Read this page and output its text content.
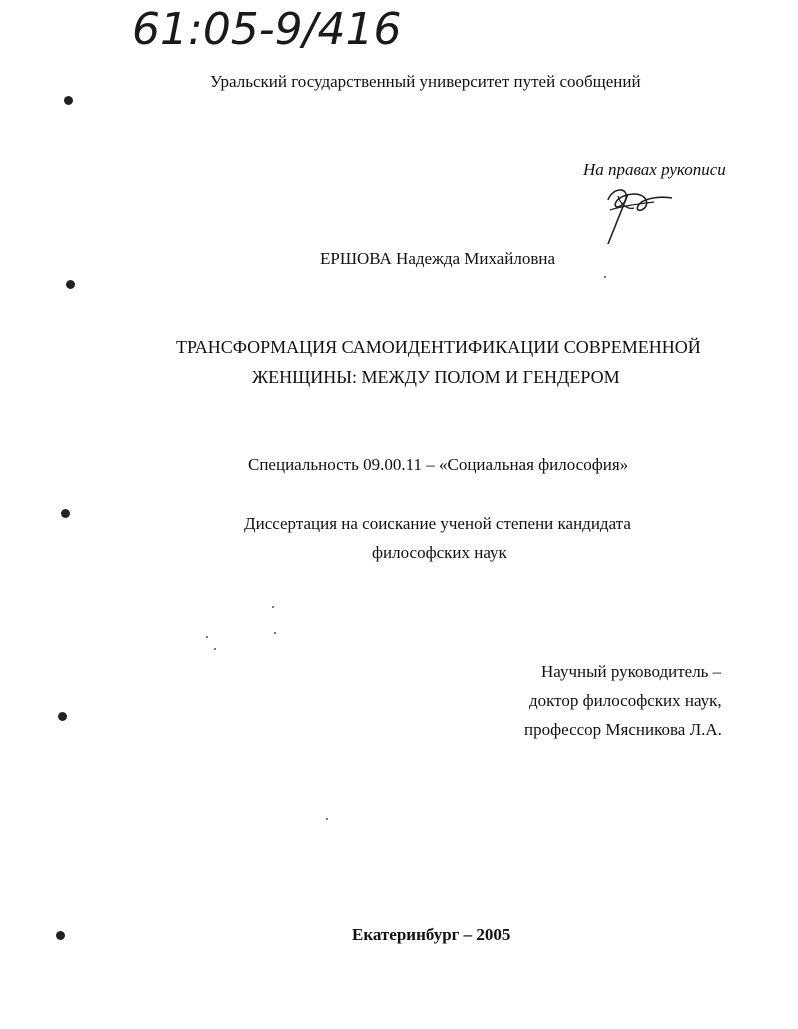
61:05-9/416
Уральский государственный университет путей сообщений
На правах рукописи
ЕРШОВА Надежда Михайловна
ТРАНСФОРМАЦИЯ САМОИДЕНТИФИКАЦИИ СОВРЕМЕННОЙ
ЖЕНЩИНЫ: МЕЖДУ ПОЛОМ И ГЕНДЕРОМ
Специальность 09.00.11 – «Социальная философия»
Диссертация на соискание ученой степени кандидата
философских наук
Научный руководитель –
доктор философских наук,
профессор Мясникова Л.А.
Екатеринбург – 2005
